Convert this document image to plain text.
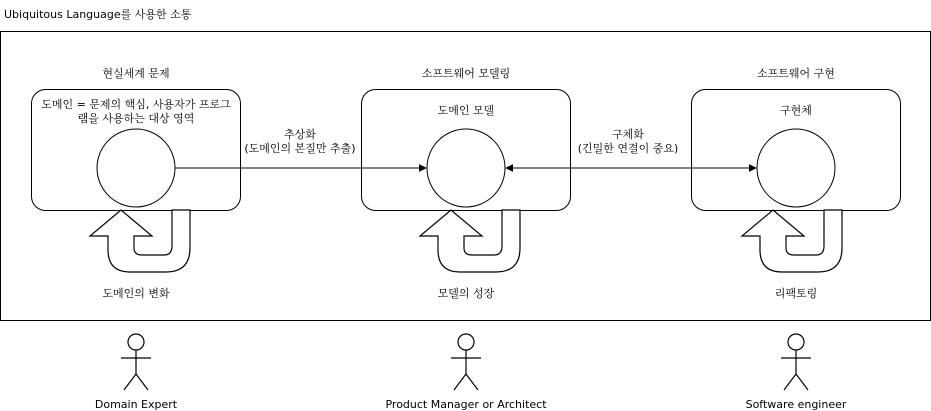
Ubiquitous Language를 사용한 소통
현실세계 문제	소프트웨어 모델링	소프트웨어 구현
도메인 = 문제의 핵심, 사용자가 프로그
램을 사용하는 대상 영역
도메인 모델	구현체
추상화
(도메인의 본질만 추출)
구체화
(긴밀한 연결이 중요)
도메인의 변화	모델의 성장	리팩토링
Domain Expert	Product Manager or Architect	Software engineer
